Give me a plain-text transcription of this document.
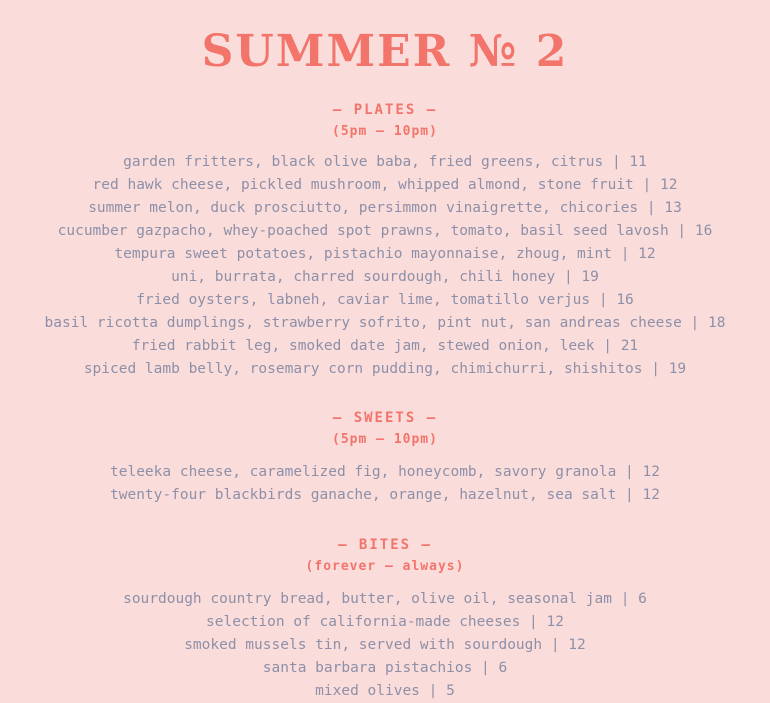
SUMMER № 2
— PLATES —
(5pm — 10pm)
garden fritters, black olive baba, fried greens, citrus | 11
red hawk cheese, pickled mushroom, whipped almond, stone fruit | 12
summer melon, duck prosciutto, persimmon vinaigrette, chicories | 13
cucumber gazpacho, whey-poached spot prawns, tomato, basil seed lavosh | 16
tempura sweet potatoes, pistachio mayonnaise, zhoug, mint | 12
uni, burrata, charred sourdough, chili honey | 19
fried oysters, labneh, caviar lime, tomatillo verjus | 16
basil ricotta dumplings, strawberry sofrito, pint nut, san andreas cheese | 18
fried rabbit leg, smoked date jam, stewed onion, leek | 21
spiced lamb belly, rosemary corn pudding, chimichurri, shishitos | 19
— SWEETS —
(5pm — 10pm)
teleeka cheese, caramelized fig, honeycomb, savory granola | 12
twenty-four blackbirds ganache, orange, hazelnut, sea salt | 12
— BITES —
(forever — always)
sourdough country bread, butter, olive oil, seasonal jam | 6
selection of california-made cheeses | 12
smoked mussels tin, served with sourdough | 12
santa barbara pistachios | 6
mixed olives | 5
